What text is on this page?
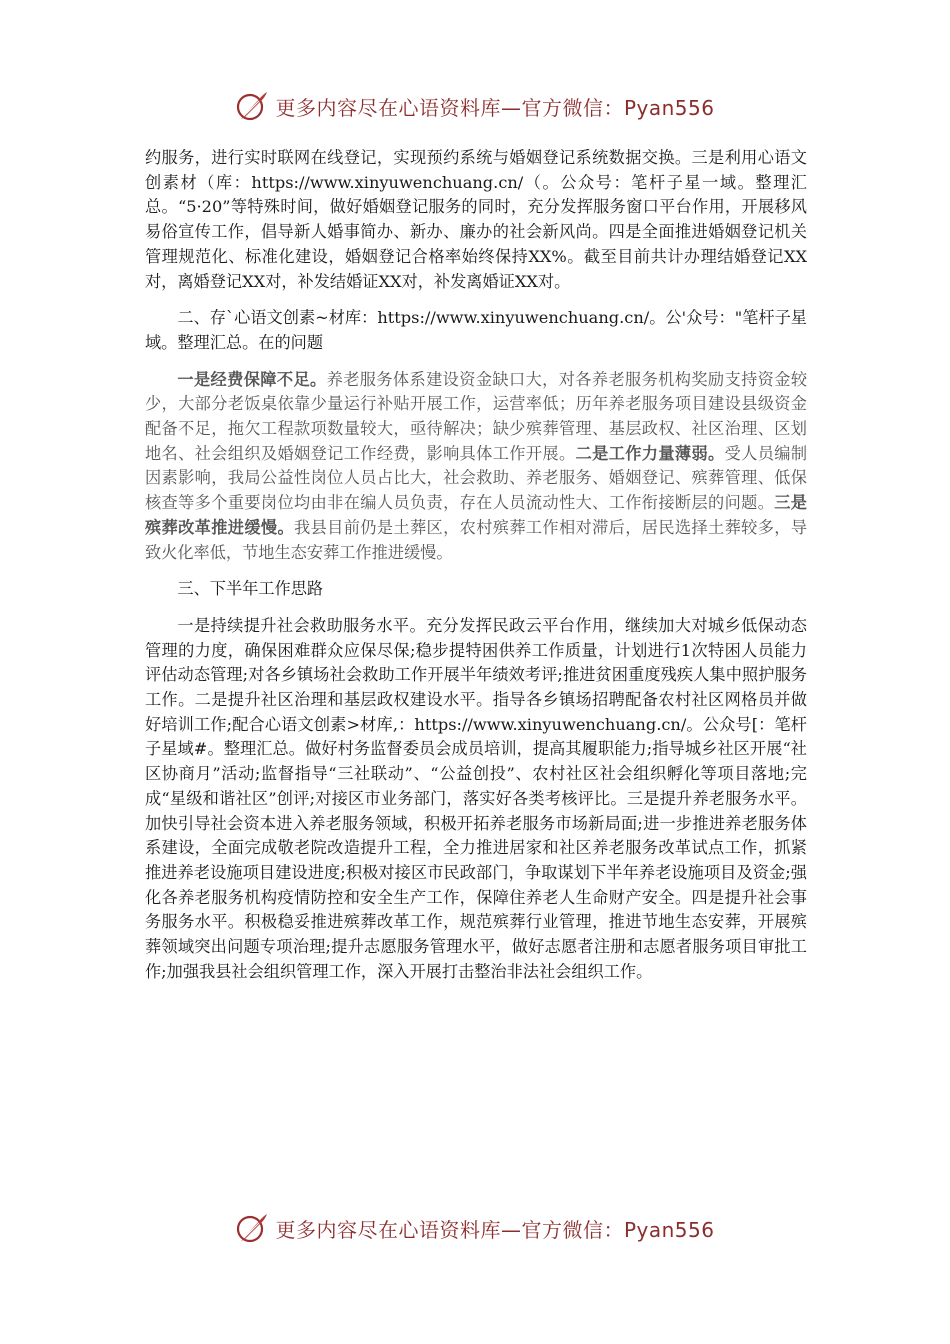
更多内容尽在心语资料库—官方微信：Pyan556

约服务，进行实时联网在线登记，实现预约系统与婚姻登记系统数据交换。三是利用心语文创素材（库：https://www.xinyuwenchuang.cn/（。公众号：笔杆子星一域。整理汇总。“5·20”等特殊时间，做好婚姻登记服务的同时，充分发挥服务窗口平台作用，开展移风易俗宣传工作，倡导新人婚事简办、新办、廉办的社会新风尚。四是全面推进婚姻登记机关管理规范化、标准化建设，婚姻登记合格率始终保持XX%。截至目前共计办理结婚登记XX对，离婚登记XX对，补发结婚证XX对，补发离婚证XX对。

二、存`心语文创素~材库：https://www.xinyuwenchuang.cn/。公'众号："笔杆子星域。整理汇总。在的问题

一是经费保障不足。养老服务体系建设资金缺口大，对各养老服务机构奖励支持资金较少，大部分老饭桌依靠少量运行补贴开展工作，运营率低；历年养老服务项目建设县级资金配备不足，拖欠工程款项数量较大，亟待解决；缺少殡葬管理、基层政权、社区治理、区划地名、社会组织及婚姻登记工作经费，影响具体工作开展。二是工作力量薄弱。受人员编制因素影响，我局公益性岗位人员占比大，社会救助、养老服务、婚姻登记、殡葬管理、低保核查等多个重要岗位均由非在编人员负责，存在人员流动性大、工作衔接断层的问题。三是殡葬改革推进缓慢。我县目前仍是土葬区，农村殡葬工作相对滞后，居民选择土葬较多，导致火化率低，节地生态安葬工作推进缓慢。

三、下半年工作思路

一是持续提升社会救助服务水平。充分发挥民政云平台作用，继续加大对城乡低保动态管理的力度，确保困难群众应保尽保;稳步提特困供养工作质量，计划进行1次特困人员能力评估动态管理;对各乡镇场社会救助工作开展半年绩效考评;推进贫困重度残疾人集中照护服务工作。二是提升社区治理和基层政权建设水平。指导各乡镇场招聘配备农村社区网格员并做好培训工作;配合心语文创素>材库,：https://www.xinyuwenchuang.cn/。公众号[：笔杆子星域#。整理汇总。做好村务监督委员会成员培训，提高其履职能力;指导城乡社区开展“社区协商月”活动;监督指导“三社联动”、“公益创投”、农村社区社会组织孵化等项目落地;完成“星级和谐社区”创评;对接区市业务部门，落实好各类考核评比。三是提升养老服务水平。加快引导社会资本进入养老服务领域，积极开拓养老服务市场新局面;进一步推进养老服务体系建设，全面完成敬老院改造提升工程，全力推进居家和社区养老服务改革试点工作，抓紧推进养老设施项目建设进度;积极对接区市民政部门，争取谋划下半年养老设施项目及资金;强化各养老服务机构疫情防控和安全生产工作，保障住养老人生命财产安全。四是提升社会事务服务水平。积极稳妥推进殡葬改革工作，规范殡葬行业管理，推进节地生态安葬，开展殡葬领域突出问题专项治理;提升志愿服务管理水平，做好志愿者注册和志愿者服务项目审批工作;加强我县社会组织管理工作，深入开展打击整治非法社会组织工作。

更多内容尽在心语资料库—官方微信：Pyan556
